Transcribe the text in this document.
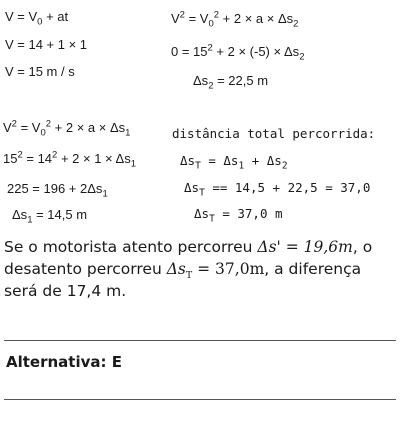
$V = V_0$ + at
V = 14 + 1 × 1
V = 15 m / s
$V^2 = V_0^2 + 2 \times a \times \Delta s_2$
$0 = 15^2 + 2 \times (-5) \times \Delta s_2$
$\Delta s_2 = 22,5$ m
$V^2 = V_0^2 + 2 \times a \times \Delta s_1$
$15^2 = 14^2 + 2 \times 1 \times \Delta s_1$
$225 = 196 + 2\Delta s_1$
$\Delta s_1 = 14,5$ m
distância total percorrida:
$\Delta s_T = \Delta s_1 + \Delta s_2$
$\Delta s_T == 14,5 + 22,5 = 37,0$
$\Delta s_T = 37,0$ m
Se o motorista atento percorreu Δs' = 19,6m, o desatento percorreu $\Delta s_T = 37,0m$, a diferença será de 17,4 m.
Alternativa: E
